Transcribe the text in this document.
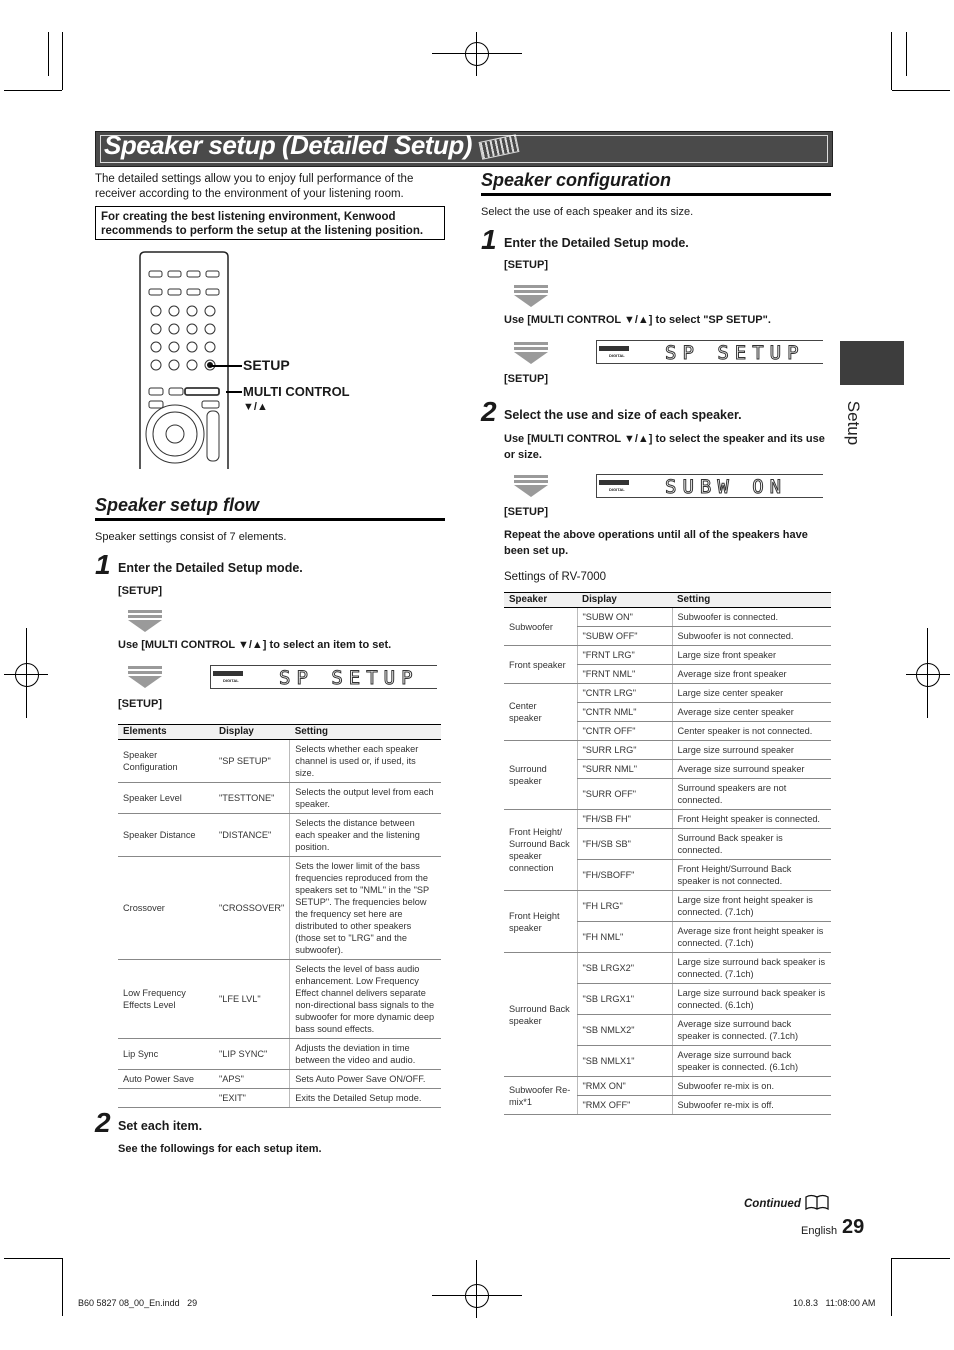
Speaker setup (Detailed Setup)
The detailed settings allow you to enjoy full performance of the receiver according to the environment of your listening room.
For creating the best listening environment, Kenwood recommends to perform the setup at the listening position.
SETUP
MULTI CONTROL
▼/▲
Speaker setup flow
Speaker settings consist of 7 elements.
1 Enter the Detailed Setup mode.
[SETUP]
Use [MULTI CONTROL ▼/▲] to select an item to set.
DIGITAL SP SETUP
[SETUP]
Elements	Display	Setting
Speaker Configuration	"SP SETUP"	Selects whether each speaker channel is used or, if used, its size.
Speaker Level	"TESTTONE"	Selects the output level from each speaker.
Speaker Distance	"DISTANCE"	Selects the distance between each speaker and the listening position.
Crossover	"CROSSOVER"	Sets the lower limit of the bass frequencies reproduced from the speakers set to "NML" in the "SP SETUP". The frequencies below the frequency set here are distributed to other speakers (those set to "LRG" and the subwoofer).
Low Frequency Effects Level	"LFE LVL"	Selects the level of bass audio enhancement. Low Frequency Effect channel delivers separate non-directional bass signals to the subwoofer for more dynamic deep bass sound effects.
Lip Sync	"LIP SYNC"	Adjusts the deviation in time between the video and audio.
Auto Power Save	"APS"	Sets Auto Power Save ON/OFF.
	"EXIT"	Exits the Detailed Setup mode.
2 Set each item.
See the followings for each setup item.
Speaker configuration
Select the use of each speaker and its size.
1 Enter the Detailed Setup mode.
[SETUP]
Use [MULTI CONTROL ▼/▲] to select "SP SETUP".
DIGITAL SP SETUP
[SETUP]
2 Select the use and size of each speaker.
Use [MULTI CONTROL ▼/▲] to select the speaker and its use or size.
DIGITAL SUBW ON
[SETUP]
Repeat the above operations until all of the speakers have been set up.
Settings of RV-7000
Speaker	Display	Setting
Subwoofer	"SUBW ON"	Subwoofer is connected.
	"SUBW OFF"	Subwoofer is not connected.
Front speaker	"FRNT LRG"	Large size front speaker
	"FRNT NML"	Average size front speaker
Center speaker	"CNTR LRG"	Large size center speaker
	"CNTR NML"	Average size center speaker
	"CNTR OFF"	Center speaker is not connected.
Surround speaker	"SURR LRG"	Large size surround speaker
	"SURR NML"	Average size surround speaker
	"SURR OFF"	Surround speakers are not connected.
Front Height/ Surround Back speaker connection	"FH/SB FH"	Front Height speaker is connected.
	"FH/SB SB"	Surround Back speaker is connected.
	"FH/SBOFF"	Front Height/Surround Back speaker is not connected.
Front Height speaker	"FH LRG"	Large size front height speaker is connected. (7.1ch)
	"FH NML"	Average size front height speaker is connected. (7.1ch)
Surround Back speaker	"SB LRGX2"	Large size surround back speaker is connected. (7.1ch)
	"SB LRGX1"	Large size surround back speaker is connected. (6.1ch)
	"SB NMLX2"	Average size surround back speaker is connected. (7.1ch)
	"SB NMLX1"	Average size surround back speaker is connected. (6.1ch)
Subwoofer Re-mix*1	"RMX ON"	Subwoofer re-mix is on.
	"RMX OFF"	Subwoofer re-mix is off.
Setup
Continued
English 29
B60 5827 08_00_En.indd   29	10.8.3   11:08:00 AM
